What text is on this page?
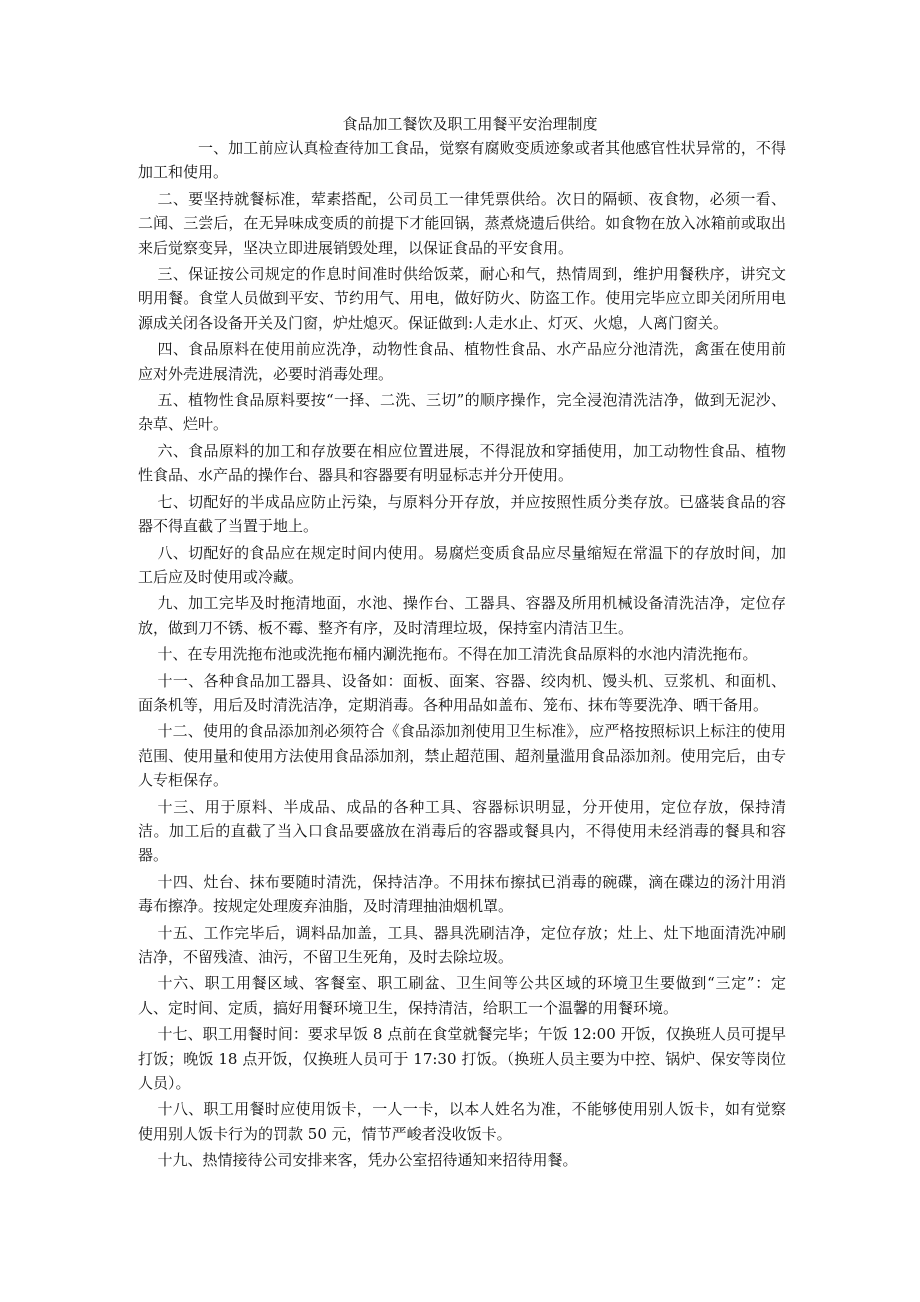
食品加工餐饮及职工用餐平安治理制度

一、加工前应认真检查待加工食品，觉察有腐败变质迹象或者其他感官性状异常的，不得加工和使用。

二、要坚持就餐标准，荤素搭配，公司员工一律凭票供给。次日的隔顿、夜食物，必须一看、二闻、三尝后，在无异味成变质的前提下才能回锅，蒸煮烧遗后供给。如食物在放入冰箱前或取出来后觉察变异，坚决立即进展销毁处理，以保证食品的平安食用。

三、保证按公司规定的作息时间准时供给饭菜，耐心和气，热情周到，维护用餐秩序，讲究文明用餐。食堂人员做到平安、节约用气、用电，做好防火、防盗工作。使用完毕应立即关闭所用电源成关闭各设备开关及门窗，炉灶熄灭。保证做到:人走水止、灯灭、火熄，人离门窗关。

四、食品原料在使用前应洗净，动物性食品、植物性食品、水产品应分池清洗，禽蛋在使用前应对外壳进展清洗，必要时消毒处理。

五、植物性食品原料要按“一择、二洗、三切”的顺序操作，完全浸泡清洗洁净，做到无泥沙、杂草、烂叶。

六、食品原料的加工和存放要在相应位置进展，不得混放和穿插使用，加工动物性食品、植物性食品、水产品的操作台、器具和容器要有明显标志并分开使用。

七、切配好的半成品应防止污染，与原料分开存放，并应按照性质分类存放。已盛装食品的容器不得直截了当置于地上。

八、切配好的食品应在规定时间内使用。易腐烂变质食品应尽量缩短在常温下的存放时间，加工后应及时使用或冷藏。

九、加工完毕及时拖清地面，水池、操作台、工器具、容器及所用机械设备清洗洁净，定位存放，做到刀不锈、板不霉、整齐有序，及时清理垃圾，保持室内清洁卫生。

十、在专用洗拖布池或洗拖布桶内涮洗拖布。不得在加工清洗食品原料的水池内清洗拖布。

十一、各种食品加工器具、设备如：面板、面案、容器、绞肉机、馒头机、豆浆机、和面机、面条机等，用后及时清洗洁净，定期消毒。各种用品如盖布、笼布、抹布等要洗净、晒干备用。

十二、使用的食品添加剂必须符合《食品添加剂使用卫生标准》，应严格按照标识上标注的使用范围、使用量和使用方法使用食品添加剂，禁止超范围、超剂量滥用食品添加剂。使用完后，由专人专柜保存。

十三、用于原料、半成品、成品的各种工具、容器标识明显，分开使用，定位存放，保持清洁。加工后的直截了当入口食品要盛放在消毒后的容器或餐具内，不得使用未经消毒的餐具和容器。

十四、灶台、抹布要随时清洗，保持洁净。不用抹布擦拭已消毒的碗碟，滴在碟边的汤汁用消毒布擦净。按规定处理废弃油脂，及时清理抽油烟机罩。

十五、工作完毕后，调料品加盖，工具、器具洗刷洁净，定位存放；灶上、灶下地面清洗冲刷洁净，不留残渣、油污，不留卫生死角，及时去除垃圾。

十六、职工用餐区域、客餐室、职工刷盆、卫生间等公共区域的环境卫生要做到“三定”：定人、定时间、定质，搞好用餐环境卫生，保持清洁，给职工一个温馨的用餐环境。

十七、职工用餐时间：要求早饭 8 点前在食堂就餐完毕；午饭 12:00 开饭，仅换班人员可提早打饭；晚饭 18 点开饭，仅换班人员可于 17:30 打饭。（换班人员主要为中控、锅炉、保安等岗位人员）。

十八、职工用餐时应使用饭卡，一人一卡，以本人姓名为准，不能够使用别人饭卡，如有觉察使用别人饭卡行为的罚款 50 元，情节严峻者没收饭卡。

十九、热情接待公司安排来客，凭办公室招待通知来招待用餐。
